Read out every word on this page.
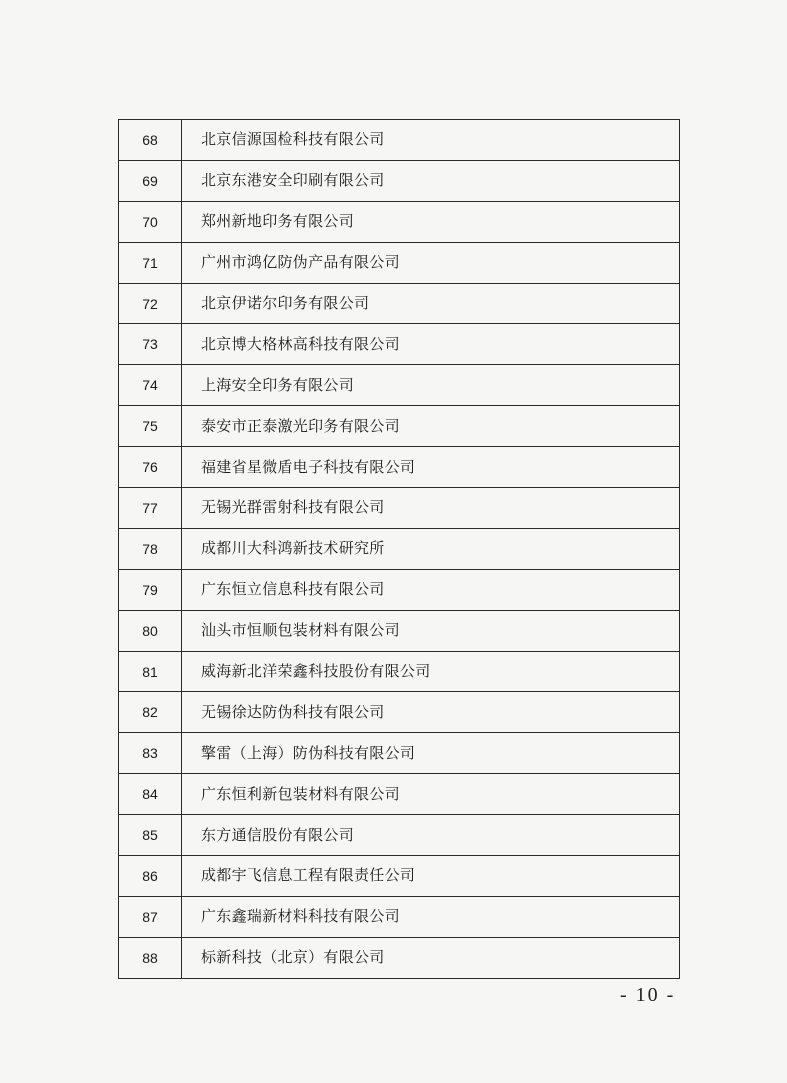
68	北京信源国检科技有限公司
69	北京东港安全印刷有限公司
70	郑州新地印务有限公司
71	广州市鸿亿防伪产品有限公司
72	北京伊诺尔印务有限公司
73	北京博大格林高科技有限公司
74	上海安全印务有限公司
75	泰安市正泰激光印务有限公司
76	福建省星微盾电子科技有限公司
77	无锡光群雷射科技有限公司
78	成都川大科鸿新技术研究所
79	广东恒立信息科技有限公司
80	汕头市恒顺包装材料有限公司
81	威海新北洋荣鑫科技股份有限公司
82	无锡徐达防伪科技有限公司
83	擎雷（上海）防伪科技有限公司
84	广东恒利新包装材料有限公司
85	东方通信股份有限公司
86	成都宇飞信息工程有限责任公司
87	广东鑫瑞新材料科技有限公司
88	标新科技（北京）有限公司
- 10 -
